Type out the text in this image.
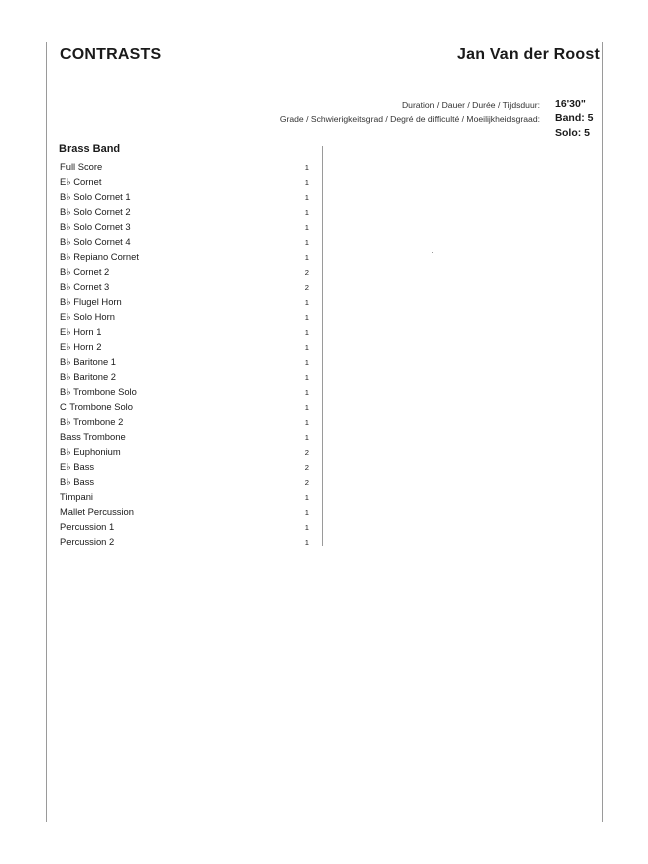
CONTRASTS	Jan Van der Roost
Duration / Dauer / Durée / Tijdsduur: 16'30"
Grade / Schwierigkeitsgrad / Degré de difficulté / Moeilijkheidsgraad: Band: 5
Solo: 5
Brass Band
Full Score	1
E♭ Cornet	1
B♭ Solo Cornet 1	1
B♭ Solo Cornet 2	1
B♭ Solo Cornet 3	1
B♭ Solo Cornet 4	1
B♭ Repiano Cornet	1
B♭ Cornet 2	2
B♭ Cornet 3	2
B♭ Flugel Horn	1
E♭ Solo Horn	1
E♭ Horn 1	1
E♭ Horn 2	1
B♭ Baritone 1	1
B♭ Baritone 2	1
B♭ Trombone Solo	1
C Trombone Solo	1
B♭ Trombone 2	1
Bass Trombone	1
B♭ Euphonium	2
E♭ Bass	2
B♭ Bass	2
Timpani	1
Mallet Percussion	1
Percussion 1	1
Percussion 2	1
